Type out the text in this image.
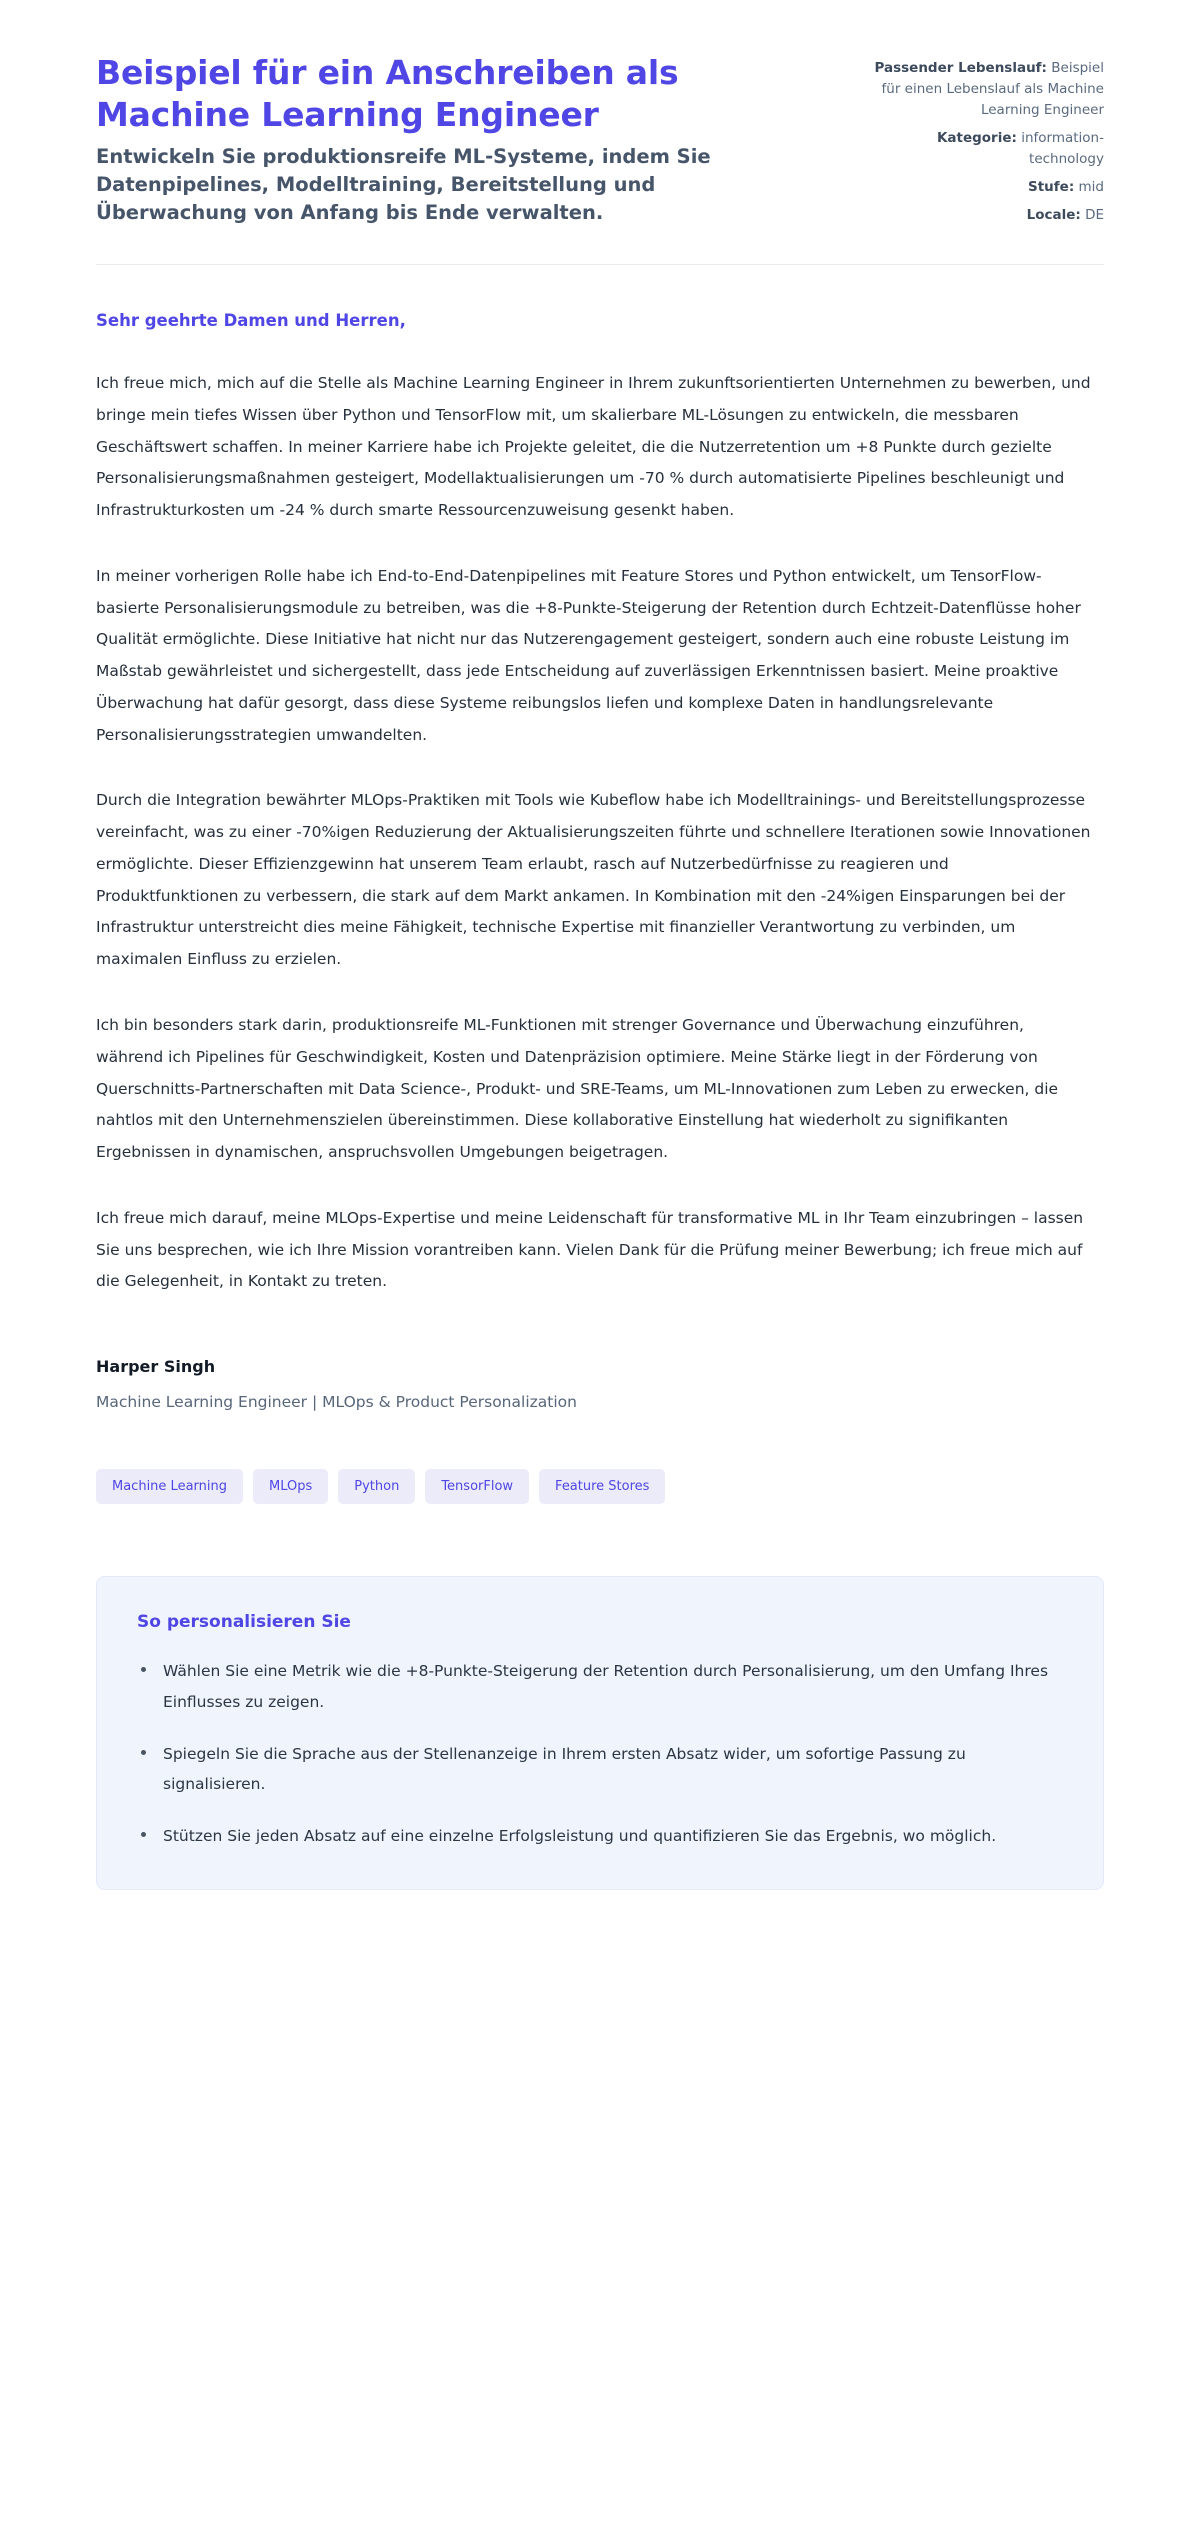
Beispiel für ein Anschreiben als Machine Learning Engineer

Entwickeln Sie produktionsreife ML-Systeme, indem Sie Datenpipelines, Modelltraining, Bereitstellung und Überwachung von Anfang bis Ende verwalten.

Passender Lebenslauf: Beispiel für einen Lebenslauf als Machine Learning Engineer
Kategorie: information-technology
Stufe: mid
Locale: DE

Sehr geehrte Damen und Herren,

Ich freue mich, mich auf die Stelle als Machine Learning Engineer in Ihrem zukunftsorientierten Unternehmen zu bewerben, und bringe mein tiefes Wissen über Python und TensorFlow mit, um skalierbare ML-Lösungen zu entwickeln, die messbaren Geschäftswert schaffen. In meiner Karriere habe ich Projekte geleitet, die die Nutzerretention um +8 Punkte durch gezielte Personalisierungsmaßnahmen gesteigert, Modellaktualisierungen um -70 % durch automatisierte Pipelines beschleunigt und Infrastrukturkosten um -24 % durch smarte Ressourcenzuweisung gesenkt haben.

In meiner vorherigen Rolle habe ich End-to-End-Datenpipelines mit Feature Stores und Python entwickelt, um TensorFlow-basierte Personalisierungsmodule zu betreiben, was die +8-Punkte-Steigerung der Retention durch Echtzeit-Datenflüsse hoher Qualität ermöglichte. Diese Initiative hat nicht nur das Nutzerengagement gesteigert, sondern auch eine robuste Leistung im Maßstab gewährleistet und sichergestellt, dass jede Entscheidung auf zuverlässigen Erkenntnissen basiert. Meine proaktive Überwachung hat dafür gesorgt, dass diese Systeme reibungslos liefen und komplexe Daten in handlungsrelevante Personalisierungsstrategien umwandelten.

Durch die Integration bewährter MLOps-Praktiken mit Tools wie Kubeflow habe ich Modelltrainings- und Bereitstellungsprozesse vereinfacht, was zu einer -70%igen Reduzierung der Aktualisierungszeiten führte und schnellere Iterationen sowie Innovationen ermöglichte. Dieser Effizienzgewinn hat unserem Team erlaubt, rasch auf Nutzerbedürfnisse zu reagieren und Produktfunktionen zu verbessern, die stark auf dem Markt ankamen. In Kombination mit den -24%igen Einsparungen bei der Infrastruktur unterstreicht dies meine Fähigkeit, technische Expertise mit finanzieller Verantwortung zu verbinden, um maximalen Einfluss zu erzielen.

Ich bin besonders stark darin, produktionsreife ML-Funktionen mit strenger Governance und Überwachung einzuführen, während ich Pipelines für Geschwindigkeit, Kosten und Datenpräzision optimiere. Meine Stärke liegt in der Förderung von Querschnitts-Partnerschaften mit Data Science-, Produkt- und SRE-Teams, um ML-Innovationen zum Leben zu erwecken, die nahtlos mit den Unternehmenszielen übereinstimmen. Diese kollaborative Einstellung hat wiederholt zu signifikanten Ergebnissen in dynamischen, anspruchsvollen Umgebungen beigetragen.

Ich freue mich darauf, meine MLOps-Expertise und meine Leidenschaft für transformative ML in Ihr Team einzubringen – lassen Sie uns besprechen, wie ich Ihre Mission vorantreiben kann. Vielen Dank für die Prüfung meiner Bewerbung; ich freue mich auf die Gelegenheit, in Kontakt zu treten.

Harper Singh

Machine Learning Engineer | MLOps & Product Personalization

Machine Learning	MLOps	Python	TensorFlow	Feature Stores
So personalisieren Sie
Wählen Sie eine Metrik wie die +8-Punkte-Steigerung der Retention durch Personalisierung, um den Umfang Ihres Einflusses zu zeigen.
Spiegeln Sie die Sprache aus der Stellenanzeige in Ihrem ersten Absatz wider, um sofortige Passung zu signalisieren.
Stützen Sie jeden Absatz auf eine einzelne Erfolgsleistung und quantifizieren Sie das Ergebnis, wo möglich.
